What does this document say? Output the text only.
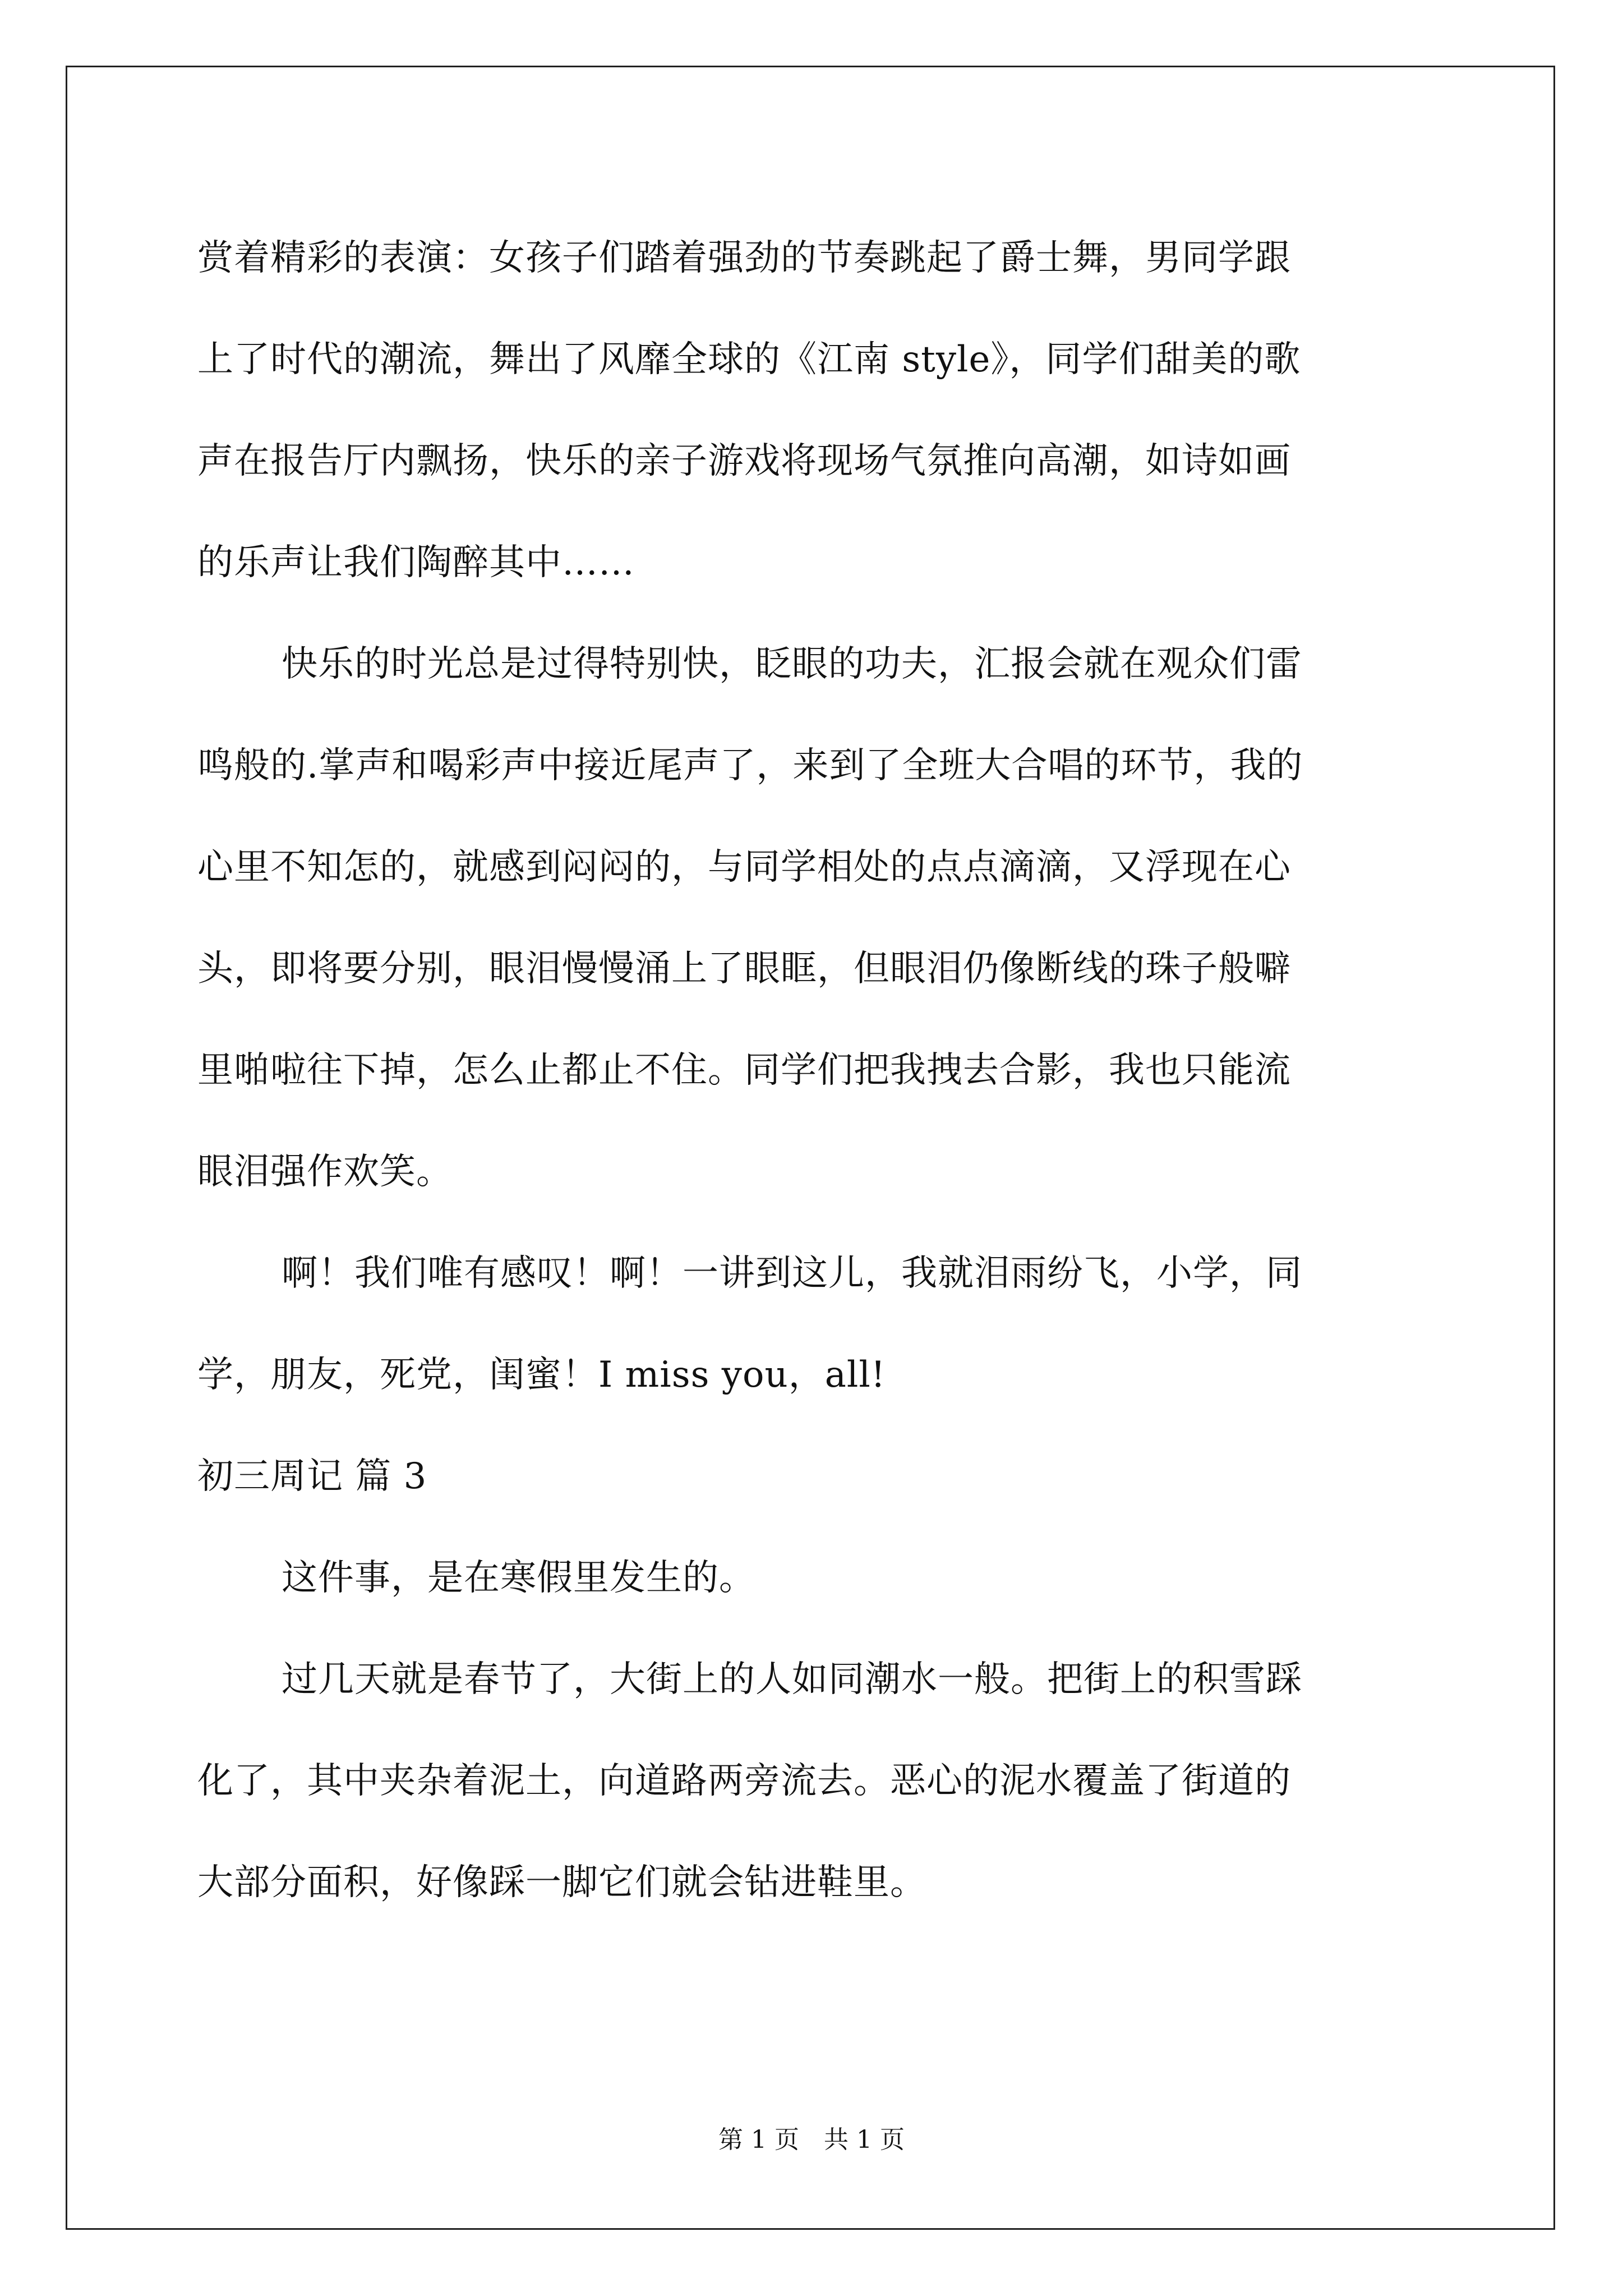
赏着精彩的表演：女孩子们踏着强劲的节奏跳起了爵士舞，男同学跟
上了时代的潮流，舞出了风靡全球的《江南 style》，同学们甜美的歌
声在报告厅内飘扬，快乐的亲子游戏将现场气氛推向高潮，如诗如画
的乐声让我们陶醉其中……

快乐的时光总是过得特别快，眨眼的功夫，汇报会就在观众们雷
鸣般的.掌声和喝彩声中接近尾声了，来到了全班大合唱的环节，我的
心里不知怎的，就感到闷闷的，与同学相处的点点滴滴，又浮现在心
头，即将要分别，眼泪慢慢涌上了眼眶，但眼泪仍像断线的珠子般噼
里啪啦往下掉，怎么止都止不住。同学们把我拽去合影，我也只能流
眼泪强作欢笑。

啊！我们唯有感叹！啊！一讲到这儿，我就泪雨纷飞，小学，同
学，朋友，死党，闺蜜！I miss you，all!

初三周记 篇 3

这件事，是在寒假里发生的。

过几天就是春节了，大街上的人如同潮水一般。把街上的积雪踩
化了，其中夹杂着泥土，向道路两旁流去。恶心的泥水覆盖了街道的
大部分面积，好像踩一脚它们就会钻进鞋里。

第 1 页　共 1 页
